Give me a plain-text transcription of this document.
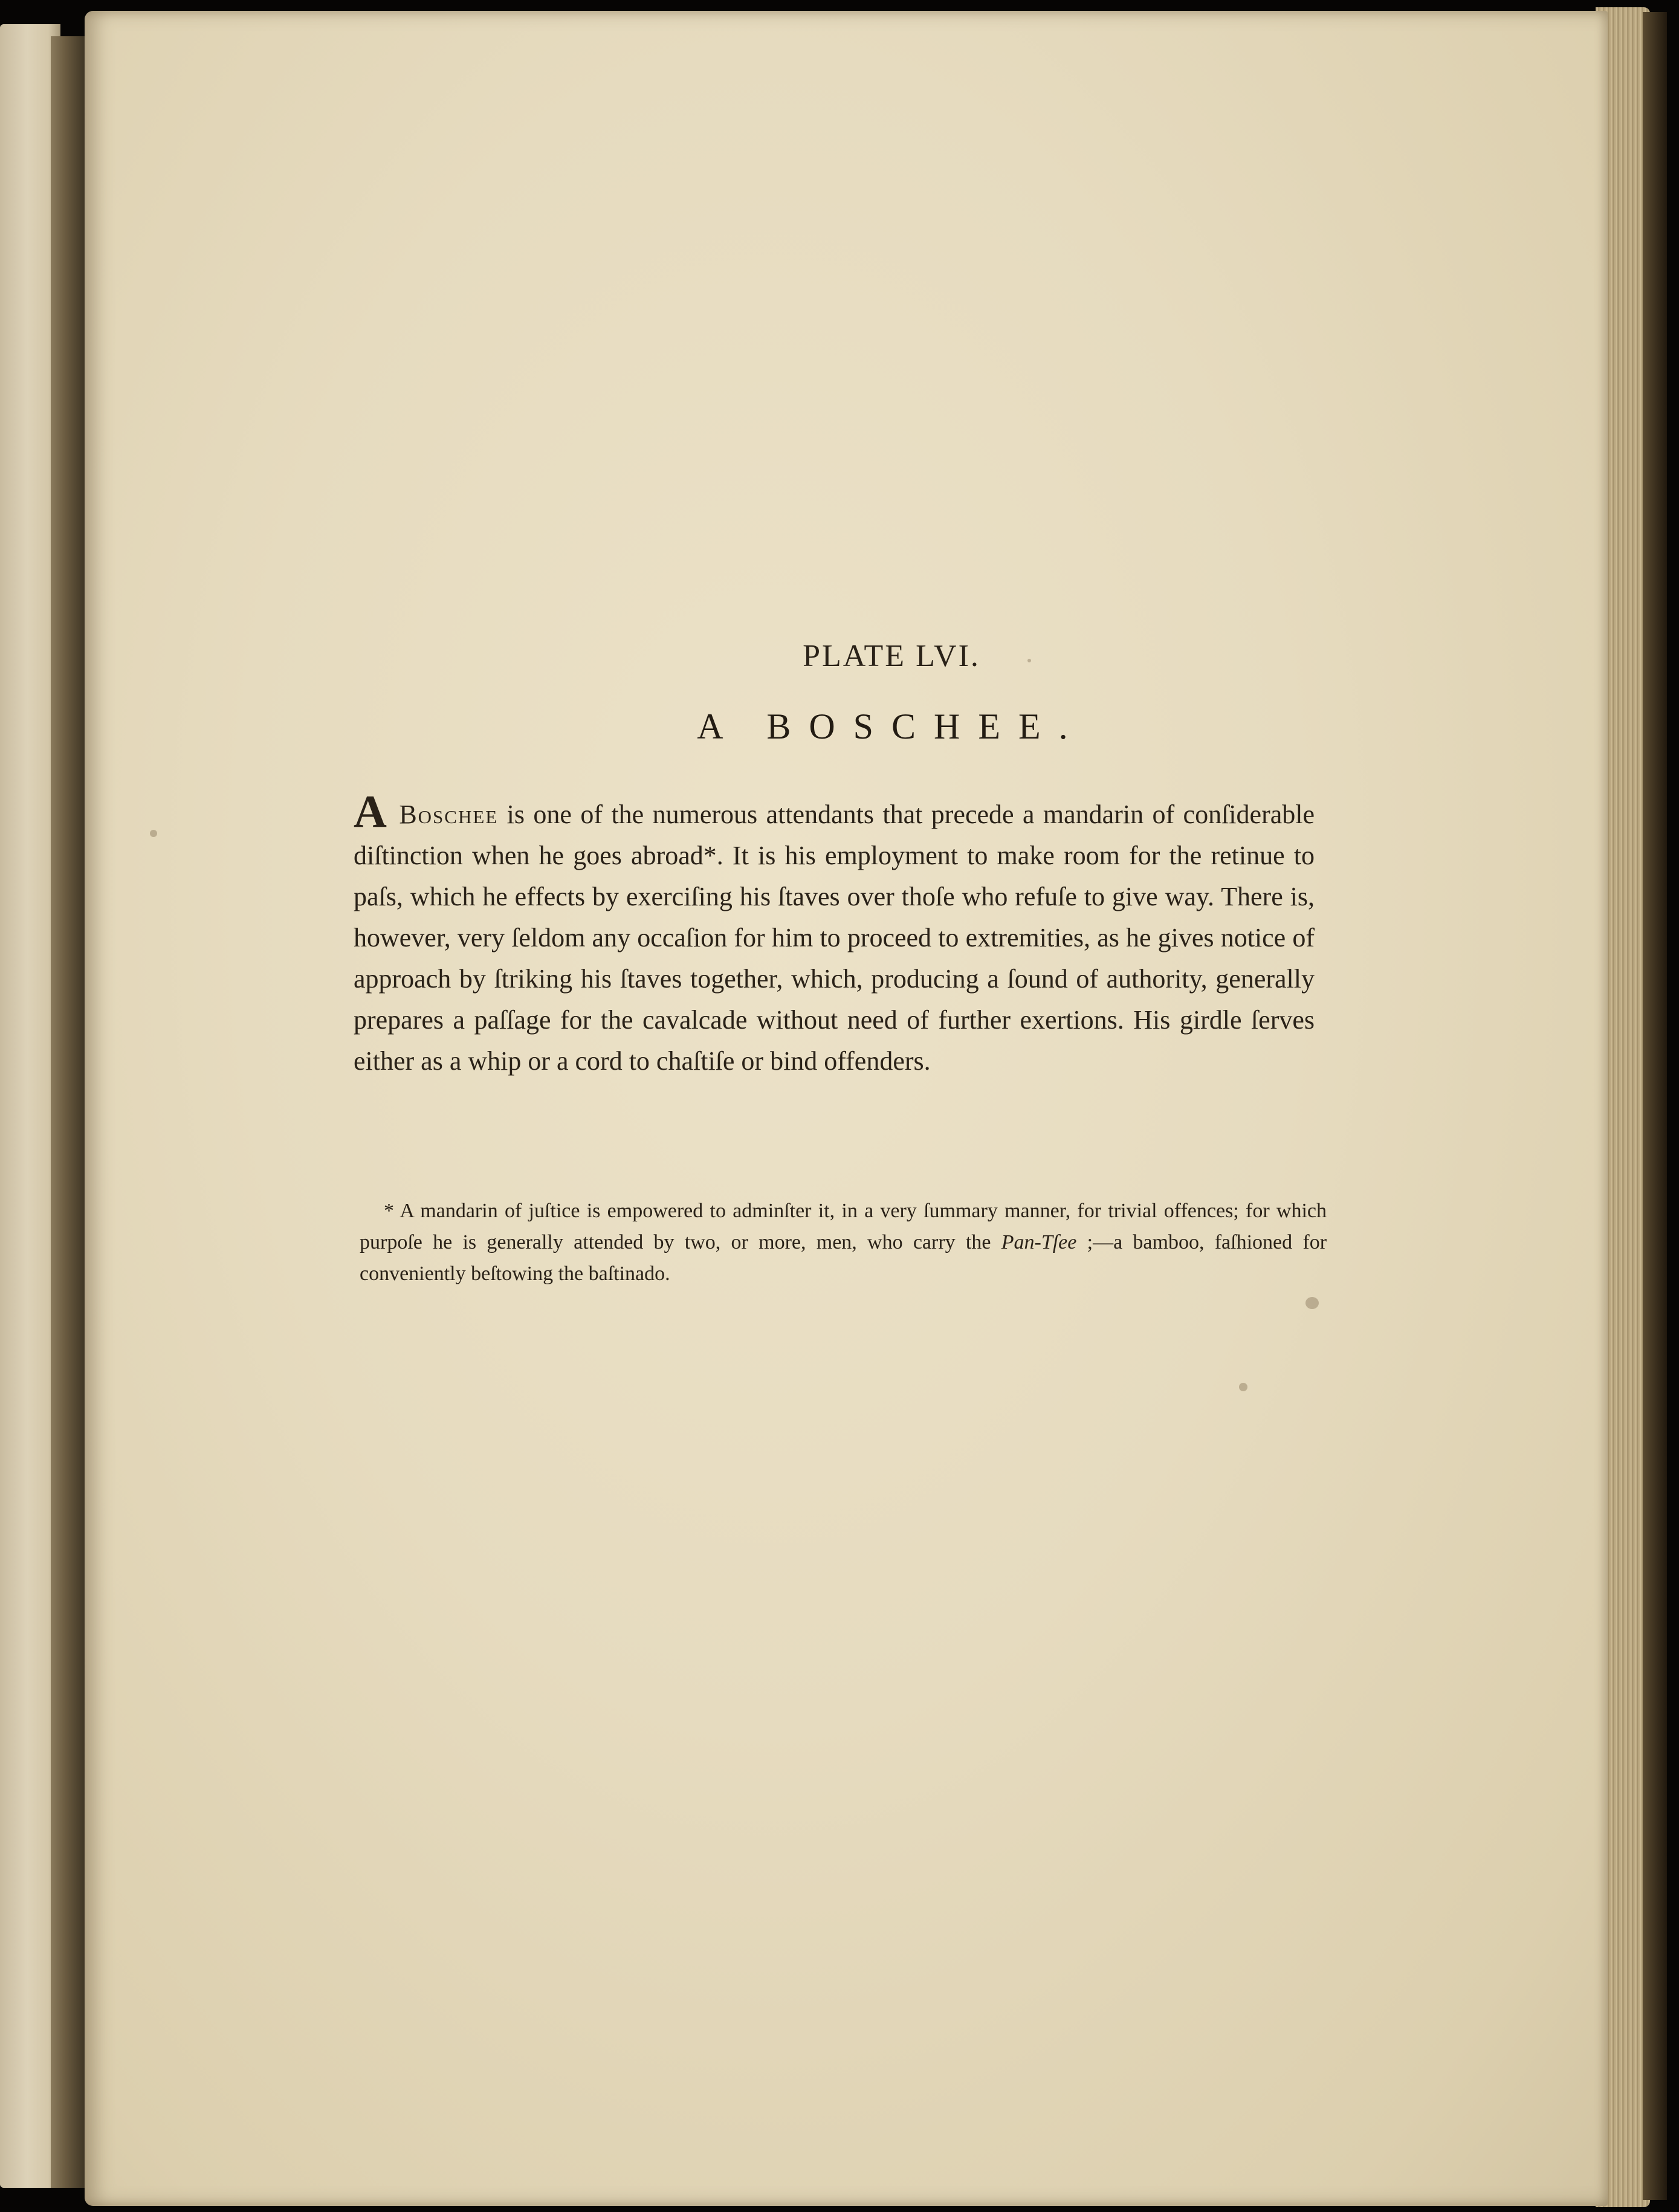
PLATE LVI.
A BOSCHEE.

A Boschee is one of the numerous attendants that precede a mandarin of conſiderable diſtinction when he goes abroad*. It is his employment to make room for the retinue to paſs, which he effects by exerciſing his ſtaves over thoſe who refuſe to give way. There is, however, very ſeldom any occaſion for him to proceed to extremities, as he gives notice of approach by ſtriking his ſtaves together, which, producing a ſound of authority, generally prepares a paſſage for the cavalcade without need of further exertions. His girdle ſerves either as a whip or a cord to chaſtiſe or bind offenders.

* A mandarin of juſtice is empowered to adminſter it, in a very ſummary manner, for trivial offences; for which purpoſe he is generally attended by two, or more, men, who carry the Pan-Tſee ;—a bamboo, faſhioned for conveniently beſtowing the baſtinado.
